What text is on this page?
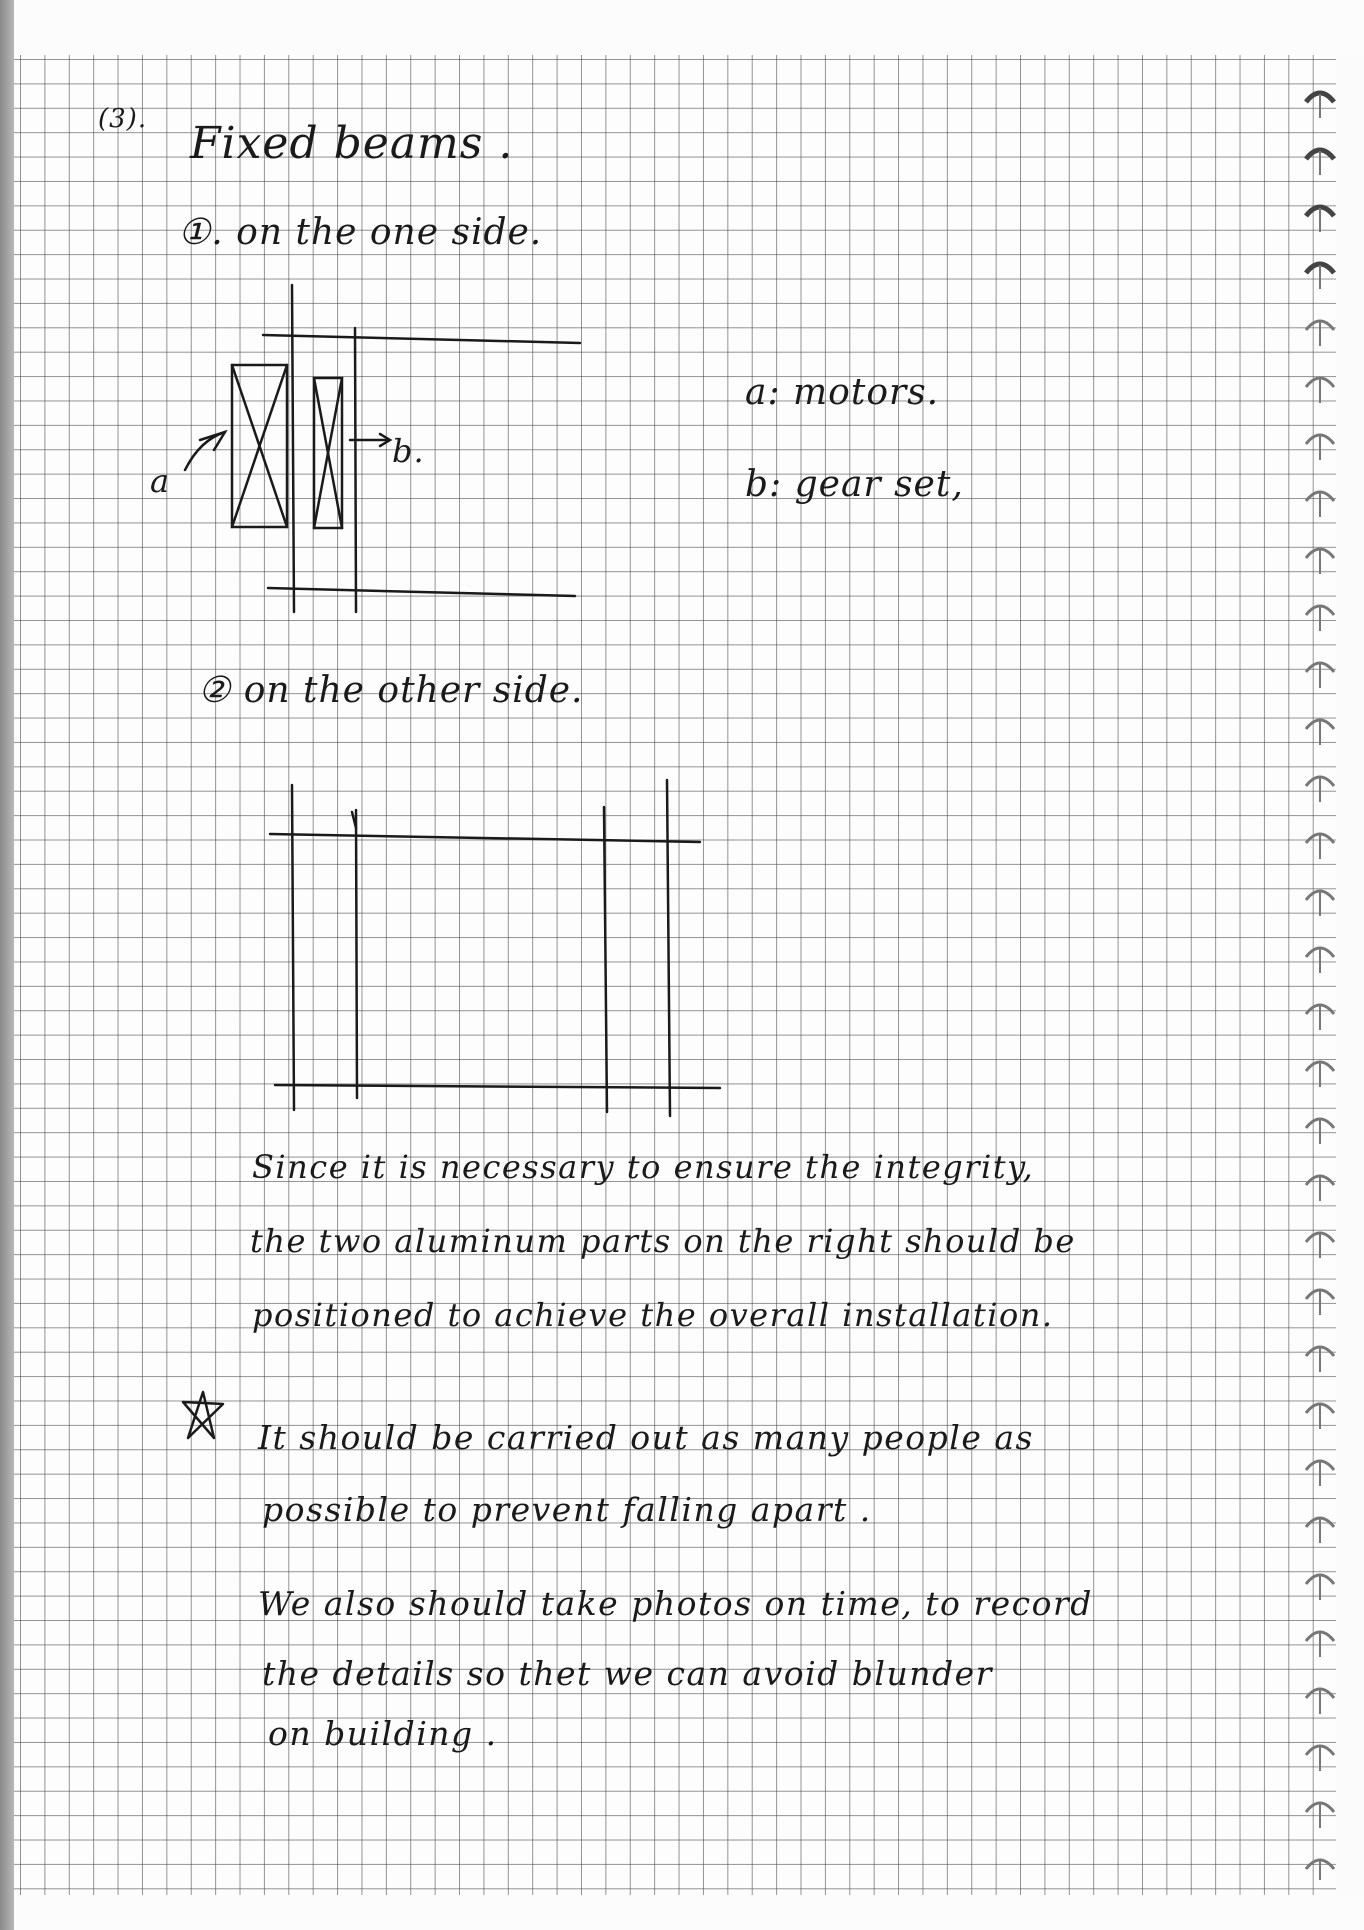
(3). Fixed beams .
①. on the one side.
a
b.
a: motors.
b: gear set,
② on the other side.
Since it is necessary to ensure the integrity,
the two aluminum parts on the right should be
positioned to achieve the overall installation.
It should be carried out as many people as
possible to prevent falling apart .
We also should take photos on time, to record
the details so thet we can avoid blunder
on building .
